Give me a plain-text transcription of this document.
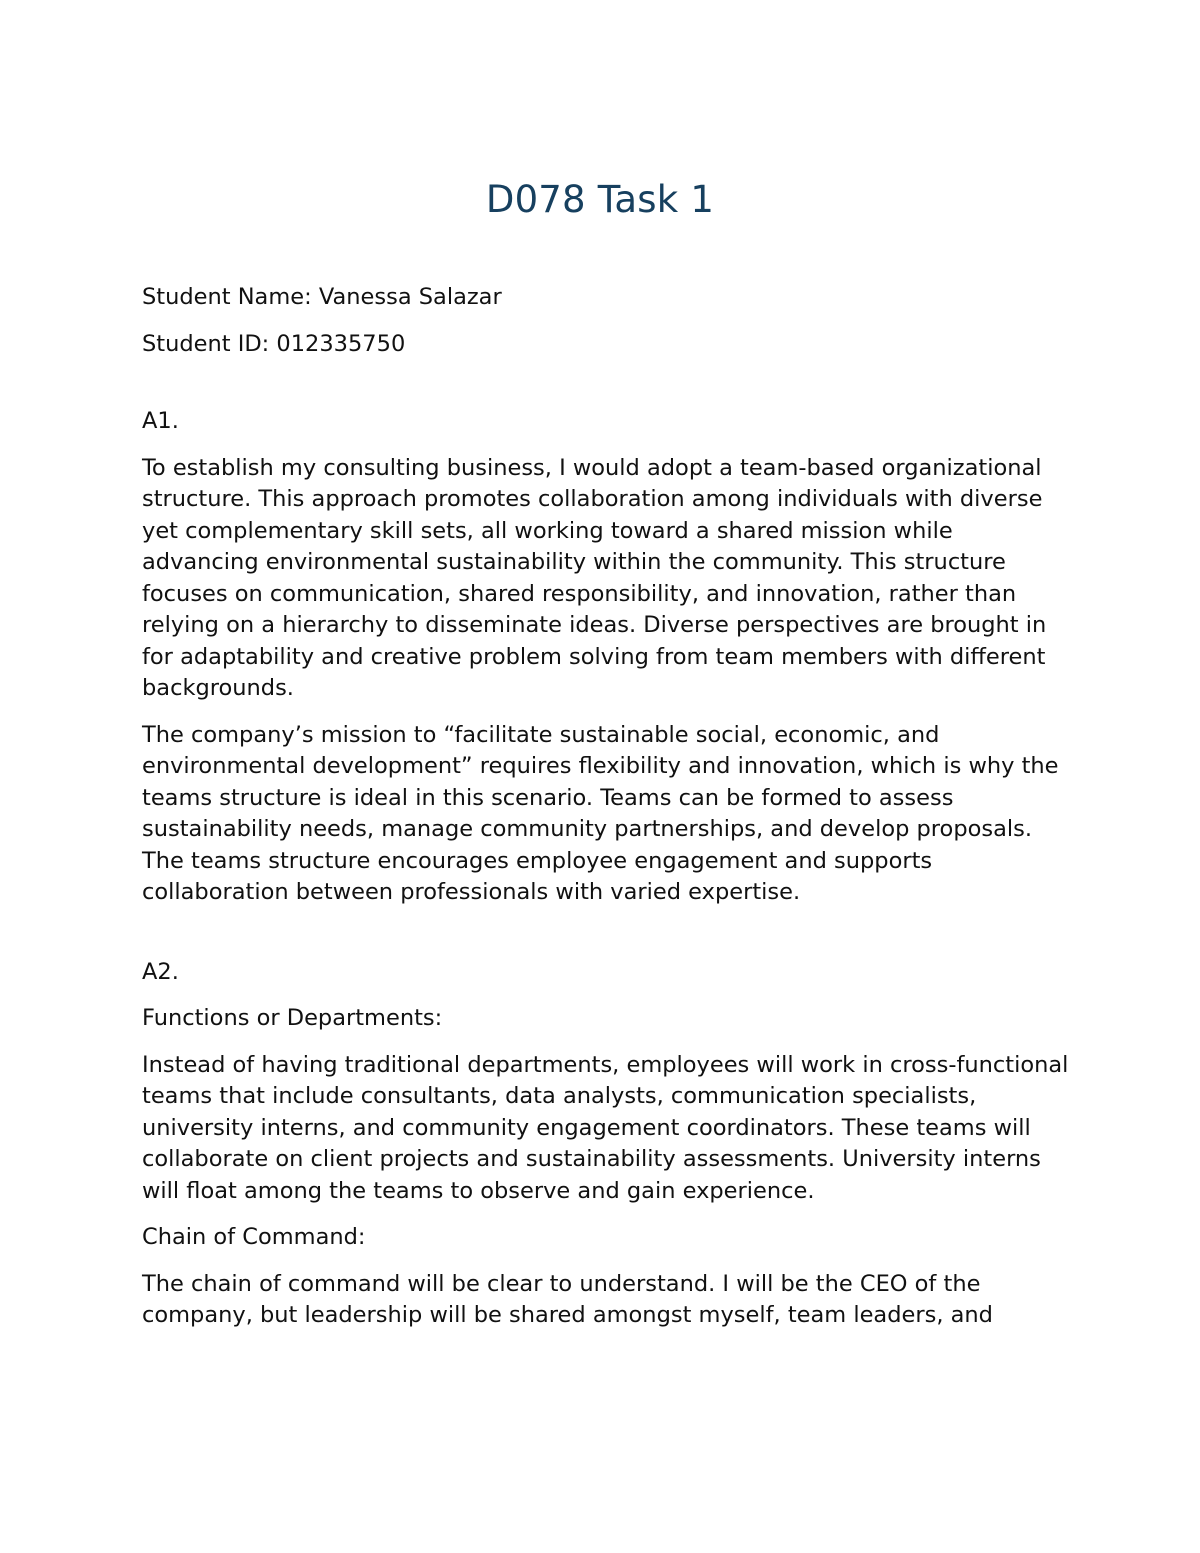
D078 Task 1

Student Name: Vanessa Salazar

Student ID: 012335750

A1.

To establish my consulting business, I would adopt a team-based organizational structure. This approach promotes collaboration among individuals with diverse yet complementary skill sets, all working toward a shared mission while advancing environmental sustainability within the community. This structure focuses on communication, shared responsibility, and innovation, rather than relying on a hierarchy to disseminate ideas. Diverse perspectives are brought in for adaptability and creative problem solving from team members with different backgrounds.

The company’s mission to “facilitate sustainable social, economic, and environmental development” requires flexibility and innovation, which is why the teams structure is ideal in this scenario. Teams can be formed to assess sustainability needs, manage community partnerships, and develop proposals. The teams structure encourages employee engagement and supports collaboration between professionals with varied expertise.

A2.

Functions or Departments:

Instead of having traditional departments, employees will work in cross-functional teams that include consultants, data analysts, communication specialists, university interns, and community engagement coordinators. These teams will collaborate on client projects and sustainability assessments. University interns will float among the teams to observe and gain experience.

Chain of Command:

The chain of command will be clear to understand. I will be the CEO of the company, but leadership will be shared amongst myself, team leaders, and
